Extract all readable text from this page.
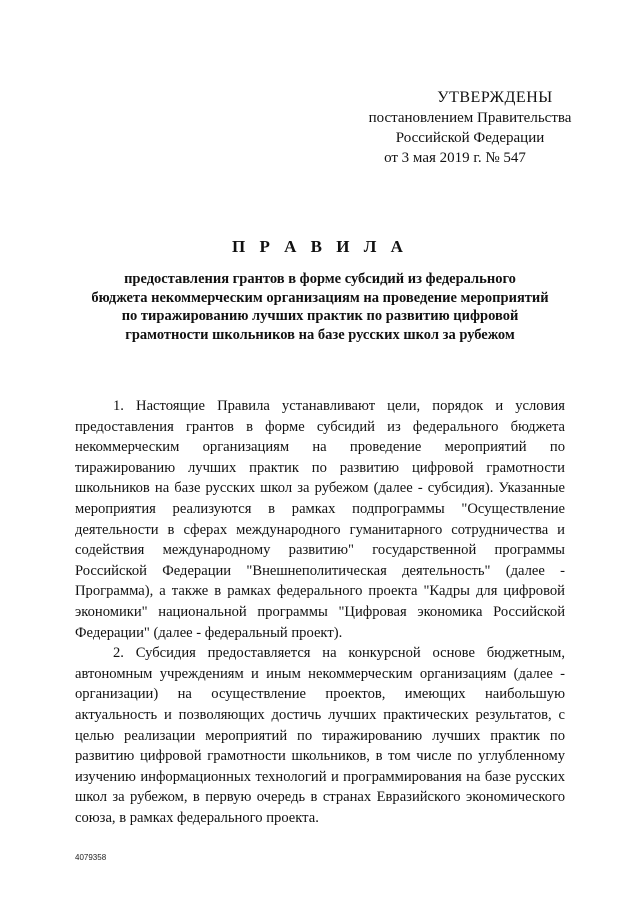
УТВЕРЖДЕНЫ
постановлением Правительства
Российской Федерации
от 3 мая 2019 г. № 547
П Р А В И Л А
предоставления грантов в форме субсидий из федерального
бюджета некоммерческим организациям на проведение мероприятий
по тиражированию лучших практик по развитию цифровой
грамотности школьников на базе русских школ за рубежом

1. Настоящие Правила устанавливают цели, порядок и условия предоставления грантов в форме субсидий из федерального бюджета некоммерческим организациям на проведение мероприятий по тиражированию лучших практик по развитию цифровой грамотности школьников на базе русских школ за рубежом (далее - субсидия). Указанные мероприятия реализуются в рамках подпрограммы "Осуществление деятельности в сферах международного гуманитарного сотрудничества и содействия международному развитию" государственной программы Российской Федерации "Внешнеполитическая деятельность" (далее - Программа), а также в рамках федерального проекта "Кадры для цифровой экономики" национальной программы "Цифровая экономика Российской Федерации" (далее - федеральный проект).

2. Субсидия предоставляется на конкурсной основе бюджетным, автономным учреждениям и иным некоммерческим организациям (далее - организации) на осуществление проектов, имеющих наибольшую актуальность и позволяющих достичь лучших практических результатов, с целью реализации мероприятий по тиражированию лучших практик по развитию цифровой грамотности школьников, в том числе по углубленному изучению информационных технологий и программирования на базе русских школ за рубежом, в первую очередь в странах Евразийского экономического союза, в рамках федерального проекта.

4079358
